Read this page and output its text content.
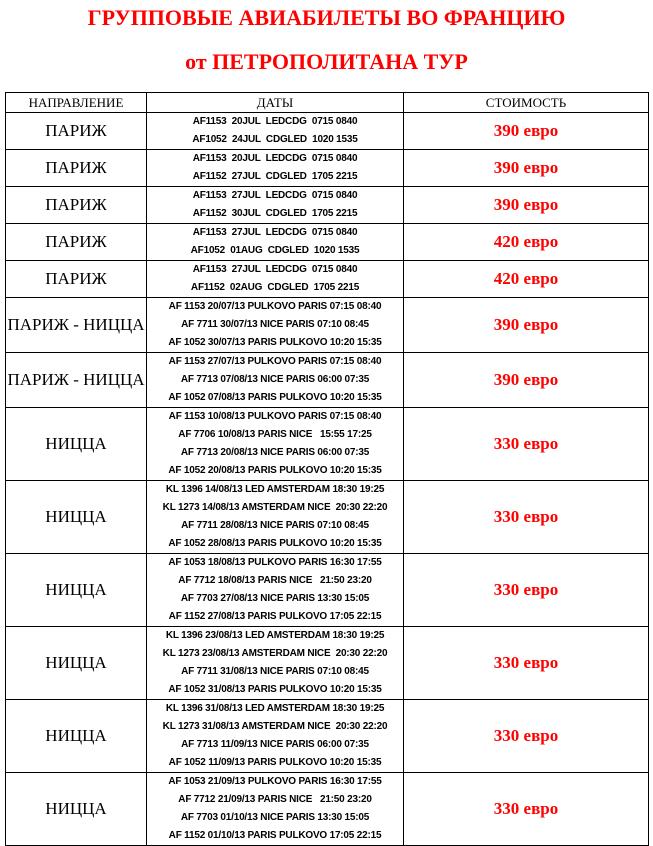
ГРУППОВЫЕ АВИАБИЛЕТЫ ВО ФРАНЦИЮ
от ПЕТРОПОЛИТАНА ТУР
НАПРАВЛЕНИЕ	ДАТЫ	СТОИМОСТЬ
ПАРИЖ	AF1153  20JUL  LEDCDG  0715 0840
AF1052  24JUL  CDGLED  1020 1535	390 евро
ПАРИЖ	AF1153  20JUL  LEDCDG  0715 0840
AF1152  27JUL  CDGLED  1705 2215	390 евро
ПАРИЖ	AF1153  27JUL  LEDCDG  0715 0840
AF1152  30JUL  CDGLED  1705 2215	390 евро
ПАРИЖ	AF1153  27JUL  LEDCDG  0715 0840
AF1052  01AUG  CDGLED  1020 1535	420 евро
ПАРИЖ	AF1153  27JUL  LEDCDG  0715 0840
AF1152  02AUG  CDGLED  1705 2215	420 евро
ПАРИЖ - НИЦЦА	AF 1153 20/07/13 PULKOVO PARIS 07:15 08:40
AF 7711 30/07/13 NICE PARIS 07:10 08:45
AF 1052 30/07/13 PARIS PULKOVO 10:20 15:35	390 евро
ПАРИЖ - НИЦЦА	AF 1153 27/07/13 PULKOVO PARIS 07:15 08:40
AF 7713 07/08/13 NICE PARIS 06:00 07:35
AF 1052 07/08/13 PARIS PULKOVO 10:20 15:35	390 евро
НИЦЦА	AF 1153 10/08/13 PULKOVO PARIS 07:15 08:40
AF 7706 10/08/13 PARIS NICE   15:55 17:25
AF 7713 20/08/13 NICE PARIS 06:00 07:35
AF 1052 20/08/13 PARIS PULKOVO 10:20 15:35	330 евро
НИЦЦА	KL 1396 14/08/13 LED AMSTERDAM 18:30 19:25
KL 1273 14/08/13 AMSTERDAM NICE  20:30 22:20
AF 7711 28/08/13 NICE PARIS 07:10 08:45
AF 1052 28/08/13 PARIS PULKOVO 10:20 15:35	330 евро
НИЦЦА	AF 1053 18/08/13 PULKOVO PARIS 16:30 17:55
AF 7712 18/08/13 PARIS NICE   21:50 23:20
AF 7703 27/08/13 NICE PARIS 13:30 15:05
AF 1152 27/08/13 PARIS PULKOVO 17:05 22:15	330 евро
НИЦЦА	KL 1396 23/08/13 LED AMSTERDAM 18:30 19:25
KL 1273 23/08/13 AMSTERDAM NICE  20:30 22:20
AF 7711 31/08/13 NICE PARIS 07:10 08:45
AF 1052 31/08/13 PARIS PULKOVO 10:20 15:35	330 евро
НИЦЦА	KL 1396 31/08/13 LED AMSTERDAM 18:30 19:25
KL 1273 31/08/13 AMSTERDAM NICE  20:30 22:20
AF 7713 11/09/13 NICE PARIS 06:00 07:35
AF 1052 11/09/13 PARIS PULKOVO 10:20 15:35	330 евро
НИЦЦА	AF 1053 21/09/13 PULKOVO PARIS 16:30 17:55
AF 7712 21/09/13 PARIS NICE   21:50 23:20
AF 7703 01/10/13 NICE PARIS 13:30 15:05
AF 1152 01/10/13 PARIS PULKOVO 17:05 22:15	330 евро
